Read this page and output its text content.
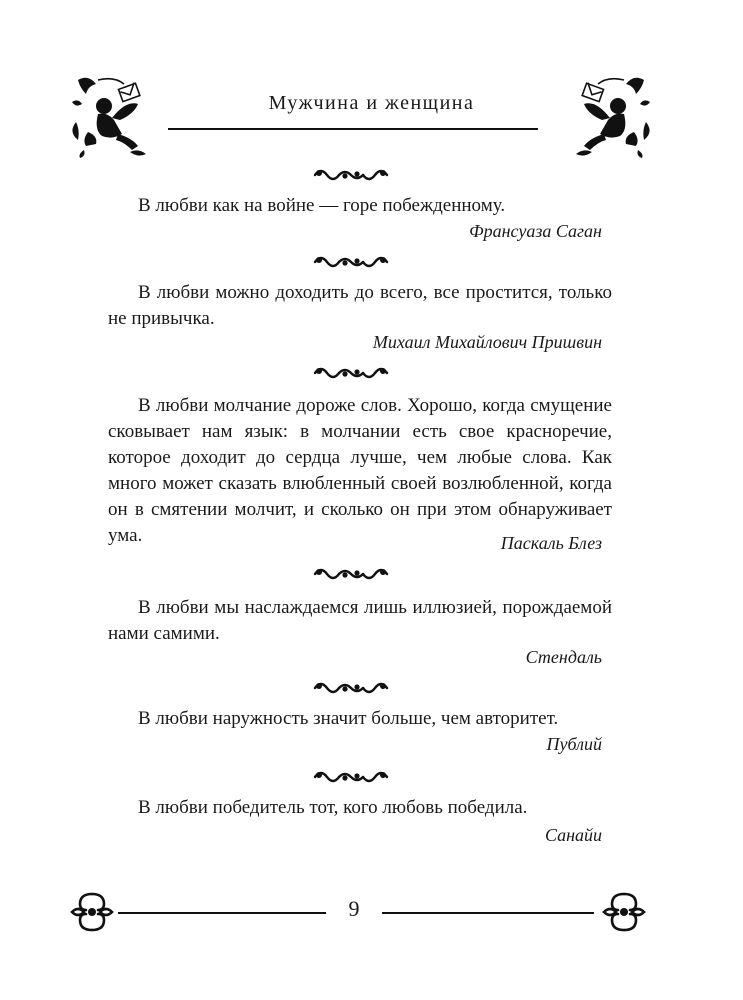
Мужчина и женщина
В любви как на войне — горе побежденному.
Франсуаза Саган
В любви можно доходить до всего, все простится, только не привычка.
Михаил Михайлович Пришвин
В любви молчание дороже слов. Хорошо, когда смущение сковывает нам язык: в молчании есть свое красноречие, которое доходит до сердца лучше, чем любые слова. Как много может сказать влюбленный своей возлюбленной, когда он в смятении молчит, и сколько он при этом обнаруживает ума.	Паскаль Блез
В любви мы наслаждаемся лишь иллюзией, порождаемой нами самими.
Стендаль
В любви наружность значит больше, чем авторитет.
Публий
В любви победитель тот, кого любовь победила.
Санайи
9
